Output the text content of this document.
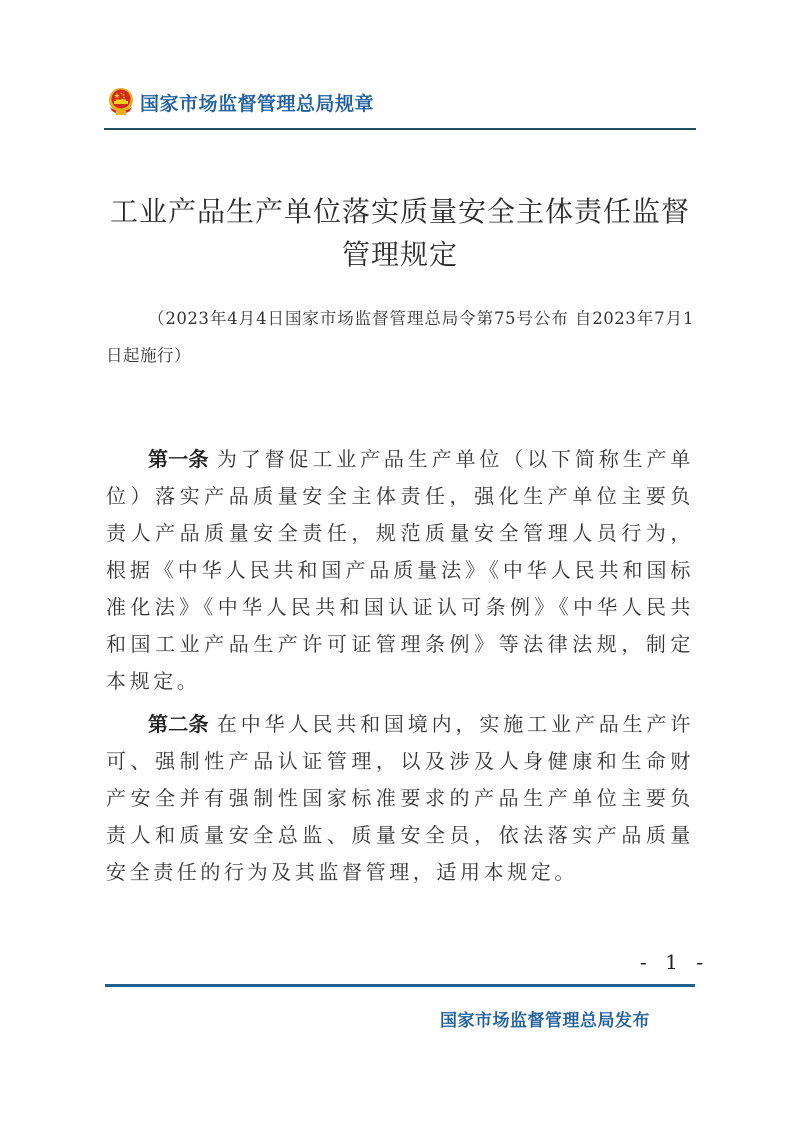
国家市场监督管理总局规章
工业产品生产单位落实质量安全主体责任监督
管理规定
（2023年4月4日国家市场监督管理总局令第75号公布 自2023年7月1日起施行）
第一条 为了督促工业产品生产单位（以下简称生产单位）落实产品质量安全主体责任，强化生产单位主要负责人产品质量安全责任，规范质量安全管理人员行为，根据《中华人民共和国产品质量法》《中华人民共和国标准化法》《中华人民共和国认证认可条例》《中华人民共和国工业产品生产许可证管理条例》等法律法规，制定本规定。
第二条 在中华人民共和国境内，实施工业产品生产许可、强制性产品认证管理，以及涉及人身健康和生命财产安全并有强制性国家标准要求的产品生产单位主要负责人和质量安全总监、质量安全员，依法落实产品质量安全责任的行为及其监督管理，适用本规定。
- 1 -
国家市场监督管理总局发布
